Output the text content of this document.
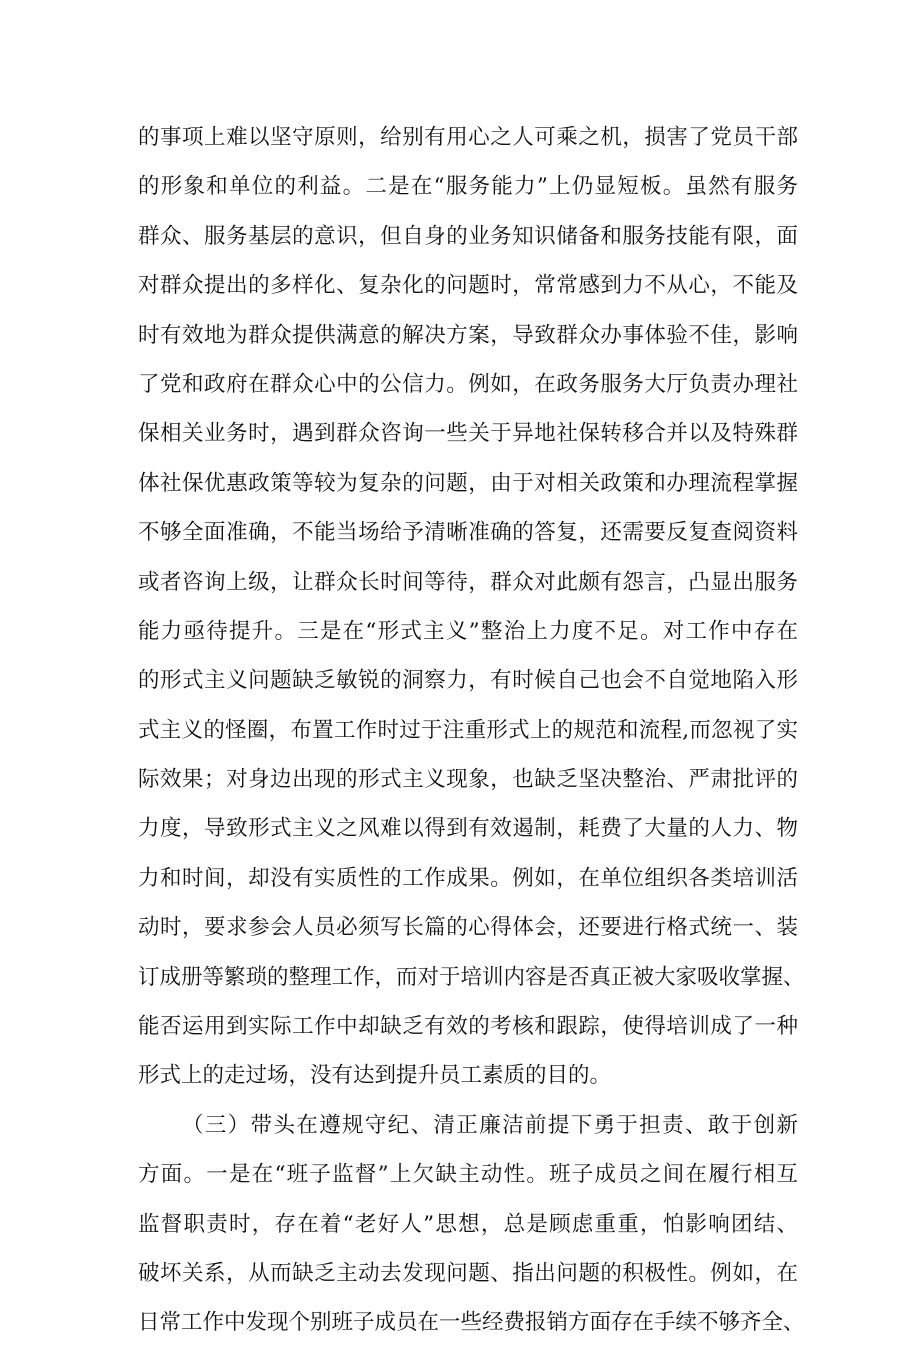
的事项上难以坚守原则，给别有用心之人可乘之机，损害了党员干部
的形象和单位的利益。二是在“服务能力”上仍显短板。虽然有服务
群众、服务基层的意识，但自身的业务知识储备和服务技能有限，面
对群众提出的多样化、复杂化的问题时，常常感到力不从心，不能及
时有效地为群众提供满意的解决方案，导致群众办事体验不佳，影响
了党和政府在群众心中的公信力。例如，在政务服务大厅负责办理社
保相关业务时，遇到群众咨询一些关于异地社保转移合并以及特殊群
体社保优惠政策等较为复杂的问题，由于对相关政策和办理流程掌握
不够全面准确，不能当场给予清晰准确的答复，还需要反复查阅资料
或者咨询上级，让群众长时间等待，群众对此颇有怨言，凸显出服务
能力亟待提升。三是在“形式主义”整治上力度不足。对工作中存在
的形式主义问题缺乏敏锐的洞察力，有时候自己也会不自觉地陷入形
式主义的怪圈，布置工作时过于注重形式上的规范和流程,而忽视了实
际效果；对身边出现的形式主义现象，也缺乏坚决整治、严肃批评的
力度，导致形式主义之风难以得到有效遏制，耗费了大量的人力、物
力和时间，却没有实质性的工作成果。例如，在单位组织各类培训活
动时，要求参会人员必须写长篇的心得体会，还要进行格式统一、装
订成册等繁琐的整理工作，而对于培训内容是否真正被大家吸收掌握、
能否运用到实际工作中却缺乏有效的考核和跟踪，使得培训成了一种
形式上的走过场，没有达到提升员工素质的目的。
（三）带头在遵规守纪、清正廉洁前提下勇于担责、敢于创新
方面。一是在“班子监督”上欠缺主动性。班子成员之间在履行相互
监督职责时，存在着“老好人”思想，总是顾虑重重，怕影响团结、
破坏关系，从而缺乏主动去发现问题、指出问题的积极性。例如，在
日常工作中发现个别班子成员在一些经费报销方面存在手续不够齐全、
